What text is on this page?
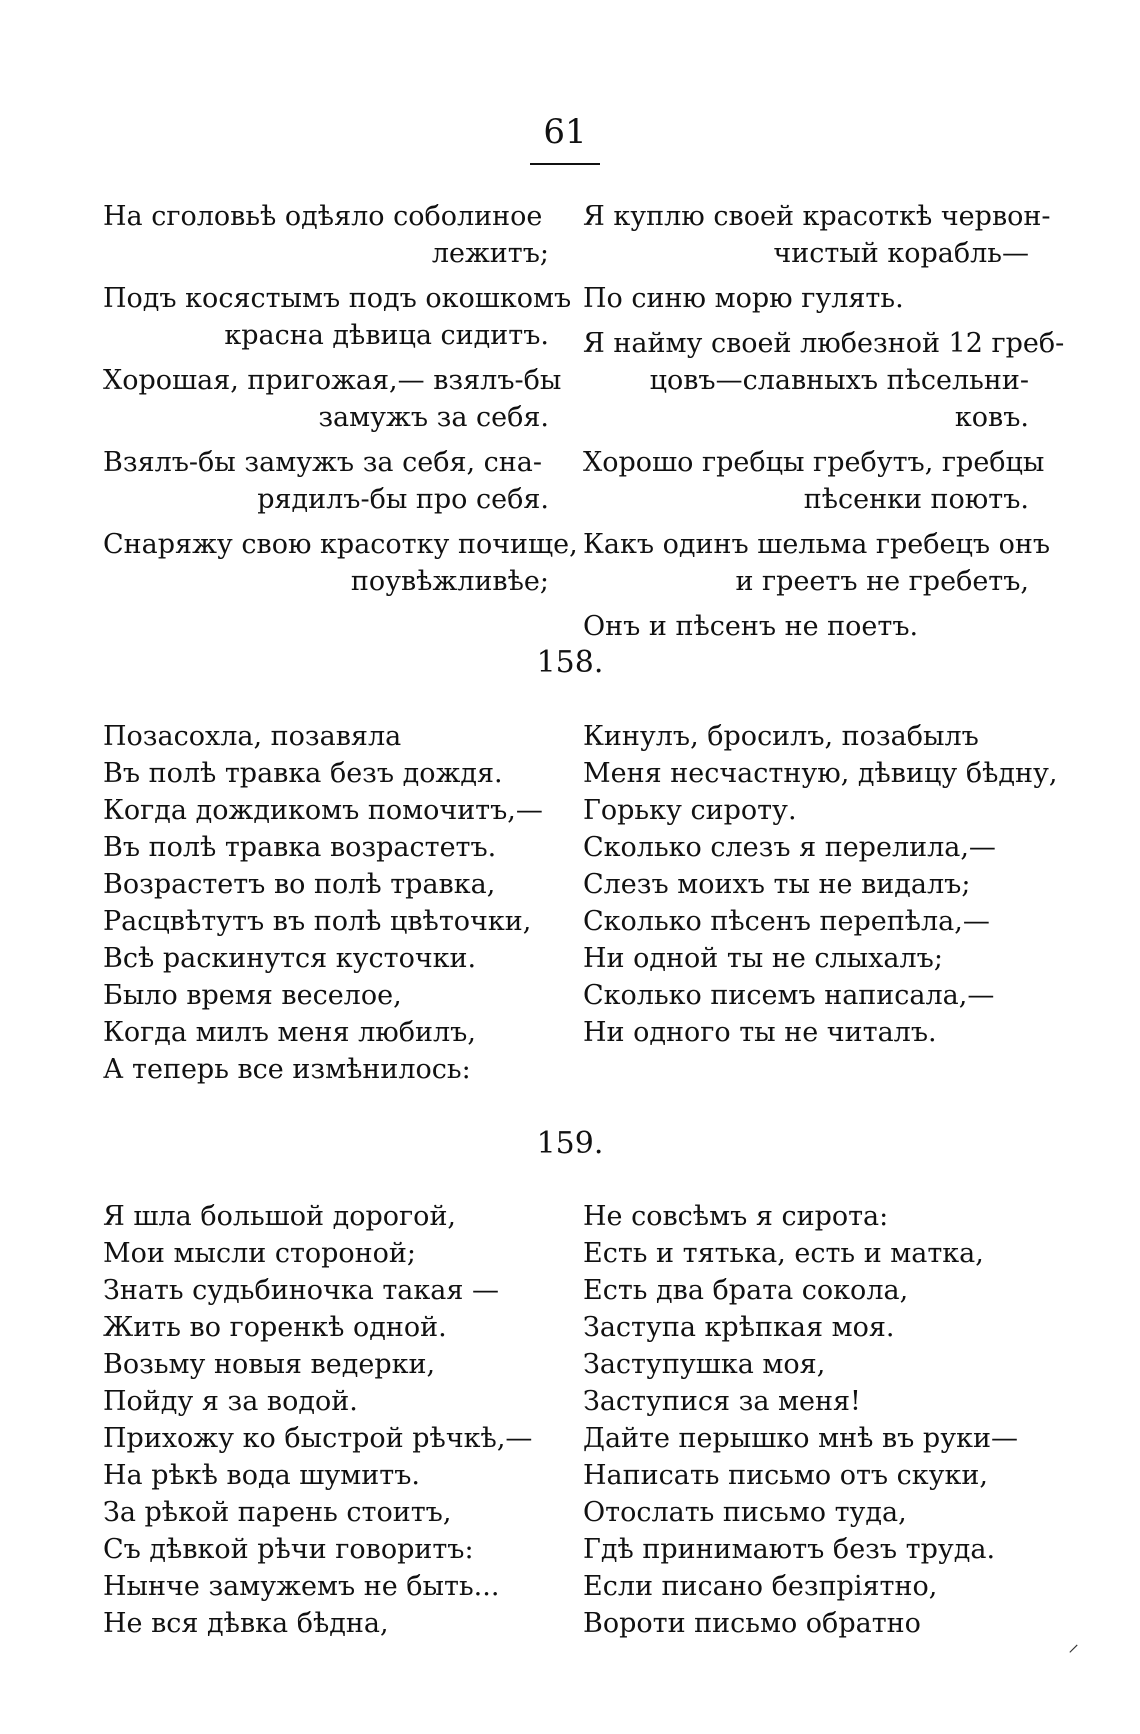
61
На сголовьѣ одѣяло соболиное
лежитъ;
Подъ косястымъ подъ окошкомъ
красна дѣвица сидитъ.
Хорошая, пригожая,— взялъ-бы
замужъ за себя.
Взялъ-бы замужъ за себя, сна-
рядилъ-бы про себя.
Снаряжу свою красотку почище,
поувѣжливѣе;
Я куплю своей красоткѣ червон-
чистый корабль—
По синю морю гулять.
Я найму своей любезной 12 греб-
цовъ—славныхъ пѣсельни-
ковъ.
Хорошо гребцы гребутъ, гребцы
пѣсенки поютъ.
Какъ одинъ шельма гребецъ онъ
и греетъ не гребетъ,
Онъ и пѣсенъ не поетъ.
158.
Позасохла, позавяла
Въ полѣ травка безъ дождя.
Когда дождикомъ помочитъ,—
Въ полѣ травка возрастетъ.
Возрастетъ во полѣ травка,
Расцвѣтутъ въ полѣ цвѣточки,
Всѣ раскинутся кусточки.
Было время веселое,
Когда милъ меня любилъ,
А теперь все измѣнилось:
Кинулъ, бросилъ, позабылъ
Меня несчастную, дѣвицу бѣдну,
Горьку сироту.
Сколько слезъ я перелила,—
Слезъ моихъ ты не видалъ;
Сколько пѣсенъ перепѣла,—
Ни одной ты не слыхалъ;
Сколько писемъ написала,—
Ни одного ты не читалъ.
159.
Я шла большой дорогой,
Мои мысли стороной;
Знать судьбиночка такая —
Жить во горенкѣ одной.
Возьму новыя ведерки,
Пойду я за водой.
Прихожу ко быстрой рѣчкѣ,—
На рѣкѣ вода шумитъ.
За рѣкой парень стоитъ,
Съ дѣвкой рѣчи говоритъ:
Нынче замужемъ не быть...
Не вся дѣвка бѣдна,
Не совсѣмъ я сирота:
Есть и тятька, есть и матка,
Есть два брата сокола,
Заступа крѣпкая моя.
Заступушка моя,
Заступися за меня!
Дайте перышко мнѣ въ руки—
Написать письмо отъ скуки,
Отослать письмо туда,
Гдѣ принимаютъ безъ труда.
Если писано безпріятно,
Вороти письмо обратно
⸝
